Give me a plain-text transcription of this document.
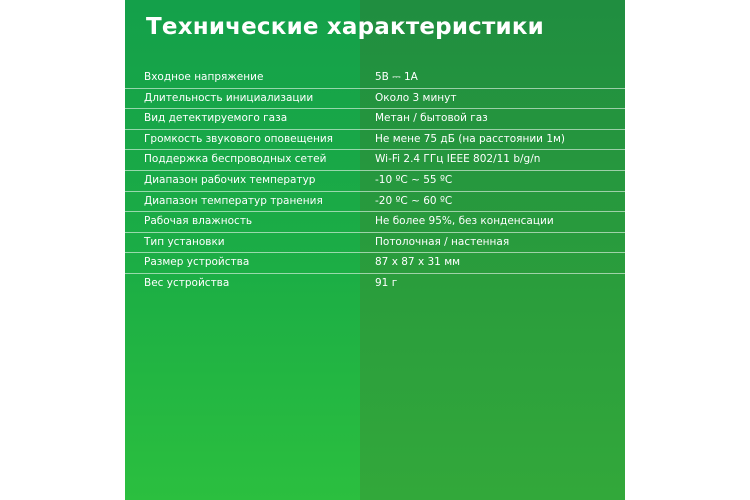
Технические характеристики
Входное напряжение	5В ⎓ 1А
Длительность инициализации	Около 3 минут
Вид детектируемого газа	Метан / бытовой газ
Громкость звукового оповещения	Не мене 75 дБ (на расстоянии 1м)
Поддержка беспроводных сетей	Wi-Fi 2.4 ГГц IEEE 802/11 b/g/n
Диапазон рабочих температур	-10 ºC ~ 55 ºC
Диапазон температур транения	-20 ºC ~ 60 ºC
Рабочая влажность	Не более 95%, без конденсации
Тип установки	Потолочная / настенная
Размер устройства	87 х 87 х 31 мм
Вес устройства	91 г
